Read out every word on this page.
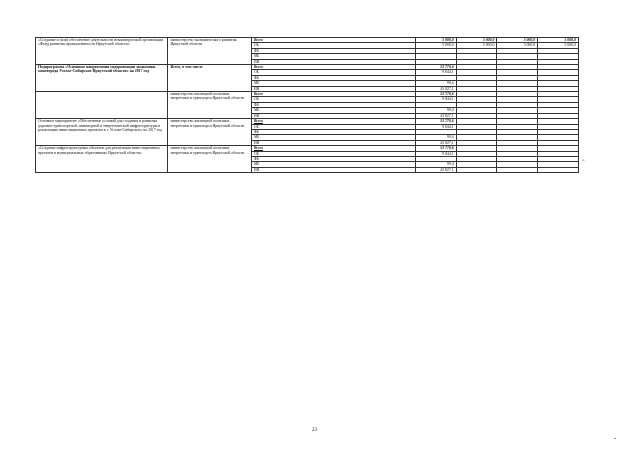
«Создание и (или) обеспечение деятельности некоммерческой организации «Фонд развития промышленности Иркутской области»	министерство экономического развития Иркутской области	Всего	5 000,0	5 000,0	5 000,0	5 000,0
		ОБ	5 000,0	5 000,0	5 000,0	5 000,0
		ФБ				
		МБ				
		ИИ				
Подпрограмма «Основные направления модернизации экономики моногорода Усолье-Сибирское Иркутской области» на 2017 год	Всего, в том числе	Всего	53 770,6			
		ОБ	9 844,1			
		ФБ				
		МБ	99,4			
		ИИ	43 827,1			
	министерство жилищной политики, энергетики и транспорта Иркутской области	Всего	53 770,6			
		ОБ	9 844,1			
		ФБ				
		МБ	99,4			
		ИИ	43 827,1			
Основное мероприятие «Обеспечение условий для создания и развития дорожно-транспортной, инженерной и энергетической инфраструктуры в реализацию инвестиционных проектов в г. Усолье-Сибирское» на 2017 год	министерство жилищной политики, энергетики и транспорта Иркутской области	Всего	53 770,6			
		ОБ	9 844,1			
		ФБ				
		МБ	99,4			
		ИИ	43 827,1			
«Создание инфраструктурных объектов для реализации инвестиционных проектов в муниципальных образованиях Иркутской области»	министерство жилищной политики, энергетики и транспорта Иркутской области	Всего	53 770,6			
		ОБ	9 844,1			
		ФБ				
		МБ	99,4			
		ИИ	43 827,1			
».
23
